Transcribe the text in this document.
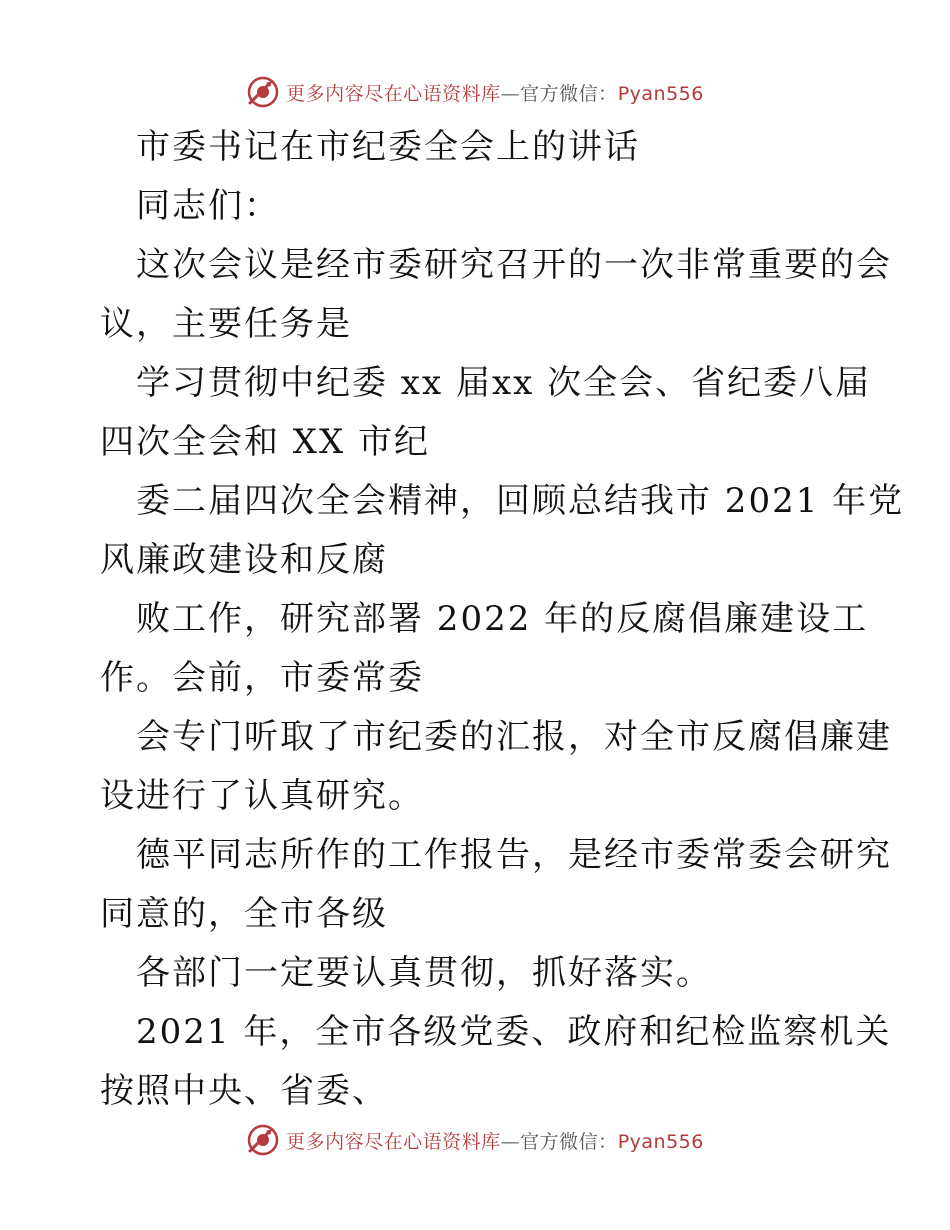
更多内容尽在心语资料库—官方微信：Pyan556
市委书记在市纪委全会上的讲话
同志们：
这次会议是经市委研究召开的一次非常重要的会
议，主要任务是
学习贯彻中纪委 xx 届xx 次全会、省纪委八届
四次全会和 XX 市纪
委二届四次全会精神，回顾总结我市 2021 年党
风廉政建设和反腐
败工作，研究部署 2022 年的反腐倡廉建设工
作。会前，市委常委
会专门听取了市纪委的汇报，对全市反腐倡廉建
设进行了认真研究。
德平同志所作的工作报告，是经市委常委会研究
同意的，全市各级
各部门一定要认真贯彻，抓好落实。
2021 年，全市各级党委、政府和纪检监察机关
按照中央、省委、
更多内容尽在心语资料库—官方微信：Pyan556
